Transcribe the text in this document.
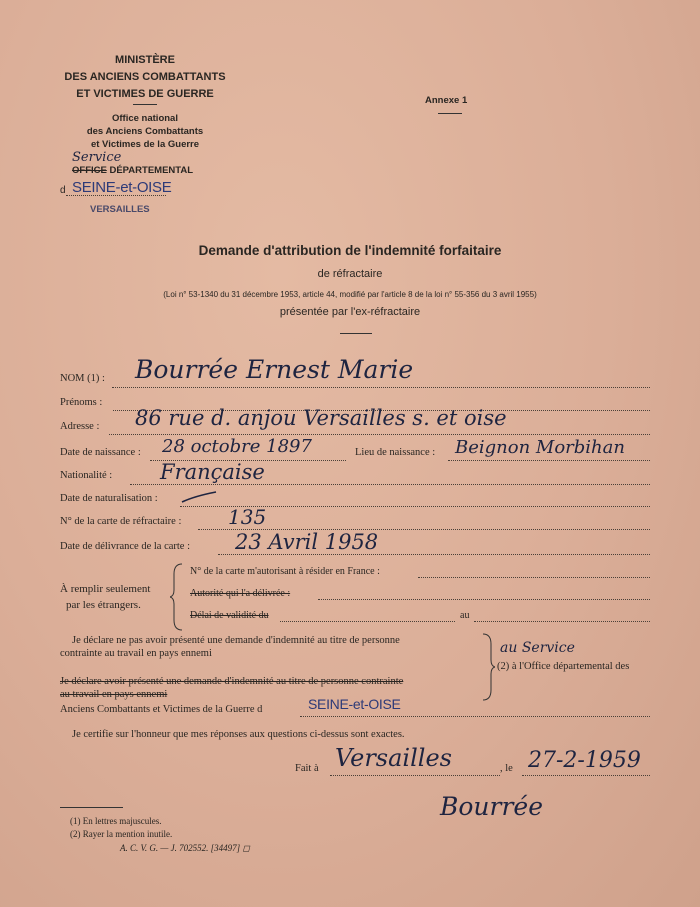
MINISTÈRE
DES ANCIENS COMBATTANTS
ET VICTIMES DE GUERRE
Office national
des Anciens Combattants
et Victimes de la Guerre
Service
OFFICE DÉPARTEMENTAL
d SEINE-et-OISE
VERSAILLES
Annexe 1
Demande d'attribution de l'indemnité forfaitaire
de réfractaire
(Loi n° 53-1340 du 31 décembre 1953, article 44, modifié par l'article 8 de la loi n° 55-356 du 3 avril 1955)
présentée par l'ex-réfractaire
NOM (1) : Bourrée Ernest Marie
Prénoms :
Adresse : 86 rue d. anjou Versailles s. et oise
Date de naissance : 28 octobre 1897	Lieu de naissance : Beignon Morbihan
Nationalité : Française
Date de naturalisation :
N° de la carte de réfractaire : 135
Date de délivrance de la carte : 23 Avril 1958
À remplir seulement
par les étrangers.
N° de la carte m'autorisant à résider en France :
Autorité qui l'a délivrée :
Délai de validité du	au
Je déclare ne pas avoir présenté une demande d'indemnité au titre de personne
contrainte au travail en pays ennemi
Je déclare avoir présenté une demande d'indemnité au titre de personne contrainte
au travail en pays ennemi
au Service
(2) à l'Office départemental des
Anciens Combattants et Victimes de la Guerre d	SEINE-et-OISE
Je certifie sur l'honneur que mes réponses aux questions ci-dessus sont exactes.
Fait à Versailles	, le 27-2-1959
Bourrée
(1) En lettres majuscules.
(2) Rayer la mention inutile.
A. C. V. G. — J. 702552. [34497] ◻
